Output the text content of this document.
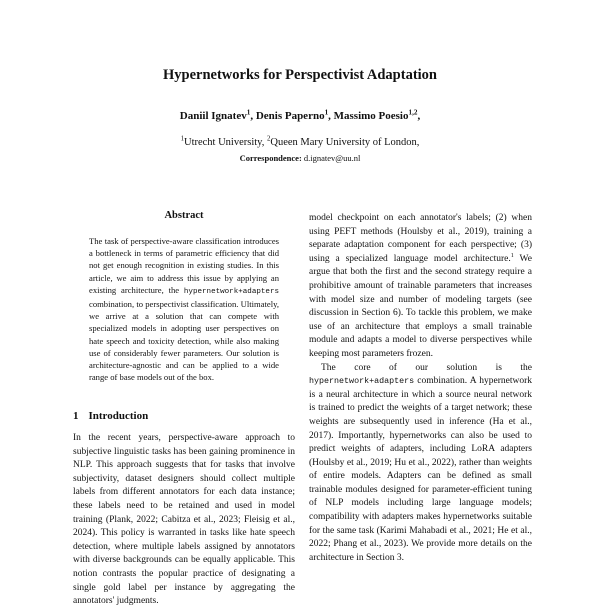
Hypernetworks for Perspectivist Adaptation
Daniil Ignatev$^1$, Denis Paperno$^1$, Massimo Poesio$^{1,2}$,
$^1$Utrecht University, $^2$Queen Mary University of London,
Correspondence: d.ignatev@uu.nl
Abstract

The task of perspective-aware classification introduces a bottleneck in terms of parametric efficiency that did not get enough recognition in existing studies. In this article, we aim to address this issue by applying an existing architecture, the hypernetwork+adapters combination, to perspectivist classification. Ultimately, we arrive at a solution that can compete with specialized models in adopting user perspectives on hate speech and toxicity detection, while also making use of considerably fewer parameters. Our solution is architecture-agnostic and can be applied to a wide range of base models out of the box.

1 Introduction

In the recent years, perspective-aware approach to subjective linguistic tasks has been gaining prominence in NLP. This approach suggests that for tasks that involve subjectivity, dataset designers should collect multiple labels from different annotators for each data instance; these labels need to be retained and used in model training (Plank, 2022; Cabitza et al., 2023; Fleisig et al., 2024). This policy is warranted in tasks like hate speech detection, where multiple labels assigned by annotators with diverse backgrounds can be equally applicable. This notion contrasts the popular practice of designating a single gold label per instance by aggregating the annotators' judgments.

model checkpoint on each annotator's labels; (2) when using PEFT methods (Houlsby et al., 2019), training a separate adaptation component for each perspective; (3) using a specialized language model architecture.$^1$ We argue that both the first and the second strategy require a prohibitive amount of trainable parameters that increases with model size and number of modeling targets (see discussion in Section 6). To tackle this problem, we make use of an architecture that employs a small trainable module and adapts a model to diverse perspectives while keeping most parameters frozen.

The core of our solution is the hypernetwork+adapters combination. A hypernetwork is a neural architecture in which a source neural network is trained to predict the weights of a target network; these weights are subsequently used in inference (Ha et al., 2017). Importantly, hypernetworks can also be used to predict weights of adapters, including LoRA adapters (Houlsby et al., 2019; Hu et al., 2022), rather than weights of entire models. Adapters can be defined as small trainable modules designed for parameter-efficient tuning of NLP models including large language models; compatibility with adapters makes hypernetworks suitable for the same task (Karimi Mahabadi et al., 2021; He et al., 2022; Phang et al., 2023). We provide more details on the architecture in Section 3.
